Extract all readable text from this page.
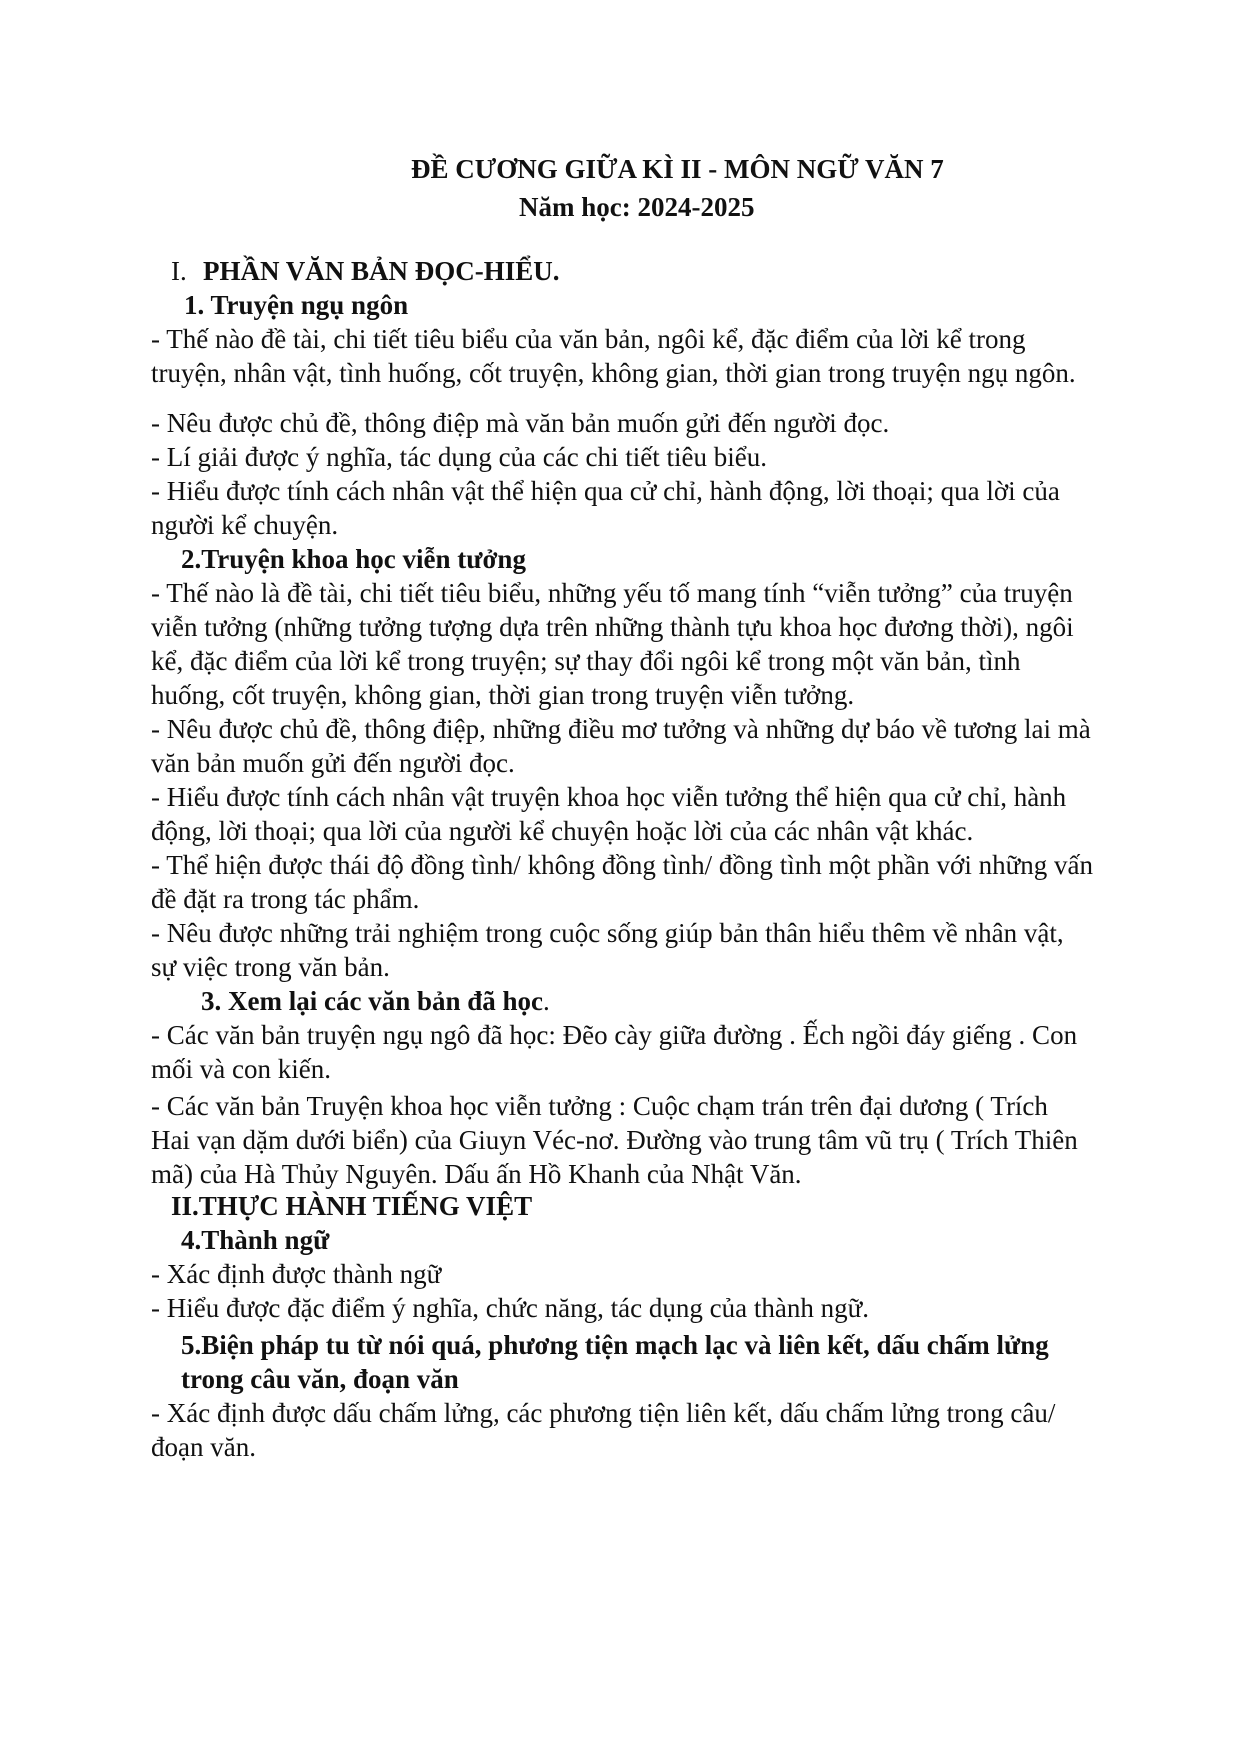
ĐỀ CƯƠNG GIỮA KÌ II - MÔN NGỮ VĂN 7
Năm học: 2024-2025
I. PHẦN VĂN BẢN ĐỌC-HIỂU.
1. Truyện ngụ ngôn

- Thế nào đề tài, chi tiết tiêu biểu của văn bản, ngôi kể, đặc điểm của lời kể trong truyện, nhân vật, tình huống, cốt truyện, không gian, thời gian trong truyện ngụ ngôn.

- Nêu được chủ đề, thông điệp mà văn bản muốn gửi đến người đọc.

- Lí giải được ý nghĩa, tác dụng của các chi tiết tiêu biểu.

- Hiểu được tính cách nhân vật thể hiện qua cử chỉ, hành động, lời thoại; qua lời của người kể chuyện.

2.Truyện khoa học viễn tưởng

- Thế nào là đề tài, chi tiết tiêu biểu, những yếu tố mang tính “viễn tưởng” của truyện viễn tưởng (những tưởng tượng dựa trên những thành tựu khoa học đương thời), ngôi kể, đặc điểm của lời kể trong truyện; sự thay đổi ngôi kể trong một văn bản, tình huống, cốt truyện, không gian, thời gian trong truyện viễn tưởng.

- Nêu được chủ đề, thông điệp, những điều mơ tưởng và những dự báo về tương lai mà văn bản muốn gửi đến người đọc.

- Hiểu được tính cách nhân vật truyện khoa học viễn tưởng thể hiện qua cử chỉ, hành động, lời thoại; qua lời của người kể chuyện hoặc lời của các nhân vật khác.

- Thể hiện được thái độ đồng tình/ không đồng tình/ đồng tình một phần với những vấn đề đặt ra trong tác phẩm.

- Nêu được những trải nghiệm trong cuộc sống giúp bản thân hiểu thêm về nhân vật, sự việc trong văn bản.

3. Xem lại các văn bản đã học.

- Các văn bản truyện ngụ ngô đã học: Đẽo cày giữa đường . Ếch ngồi đáy giếng . Con mối và con kiến.

- Các văn bản Truyện khoa học viễn tưởng : Cuộc chạm trán trên đại dương ( Trích Hai vạn dặm dưới biển) của Giuyn Véc-nơ. Đường vào trung tâm vũ trụ ( Trích Thiên mã) của Hà Thủy Nguyên. Dấu ấn Hồ Khanh của Nhật Văn.

II.THỰC HÀNH TIẾNG VIỆT
4.Thành ngữ

- Xác định được thành ngữ

- Hiểu được đặc điểm ý nghĩa, chức năng, tác dụng của thành ngữ.

5.Biện pháp tu từ nói quá, phương tiện mạch lạc và liên kết, dấu chấm lửng trong câu văn, đoạn văn

- Xác định được dấu chấm lửng, các phương tiện liên kết, dấu chấm lửng trong câu/đoạn văn.
